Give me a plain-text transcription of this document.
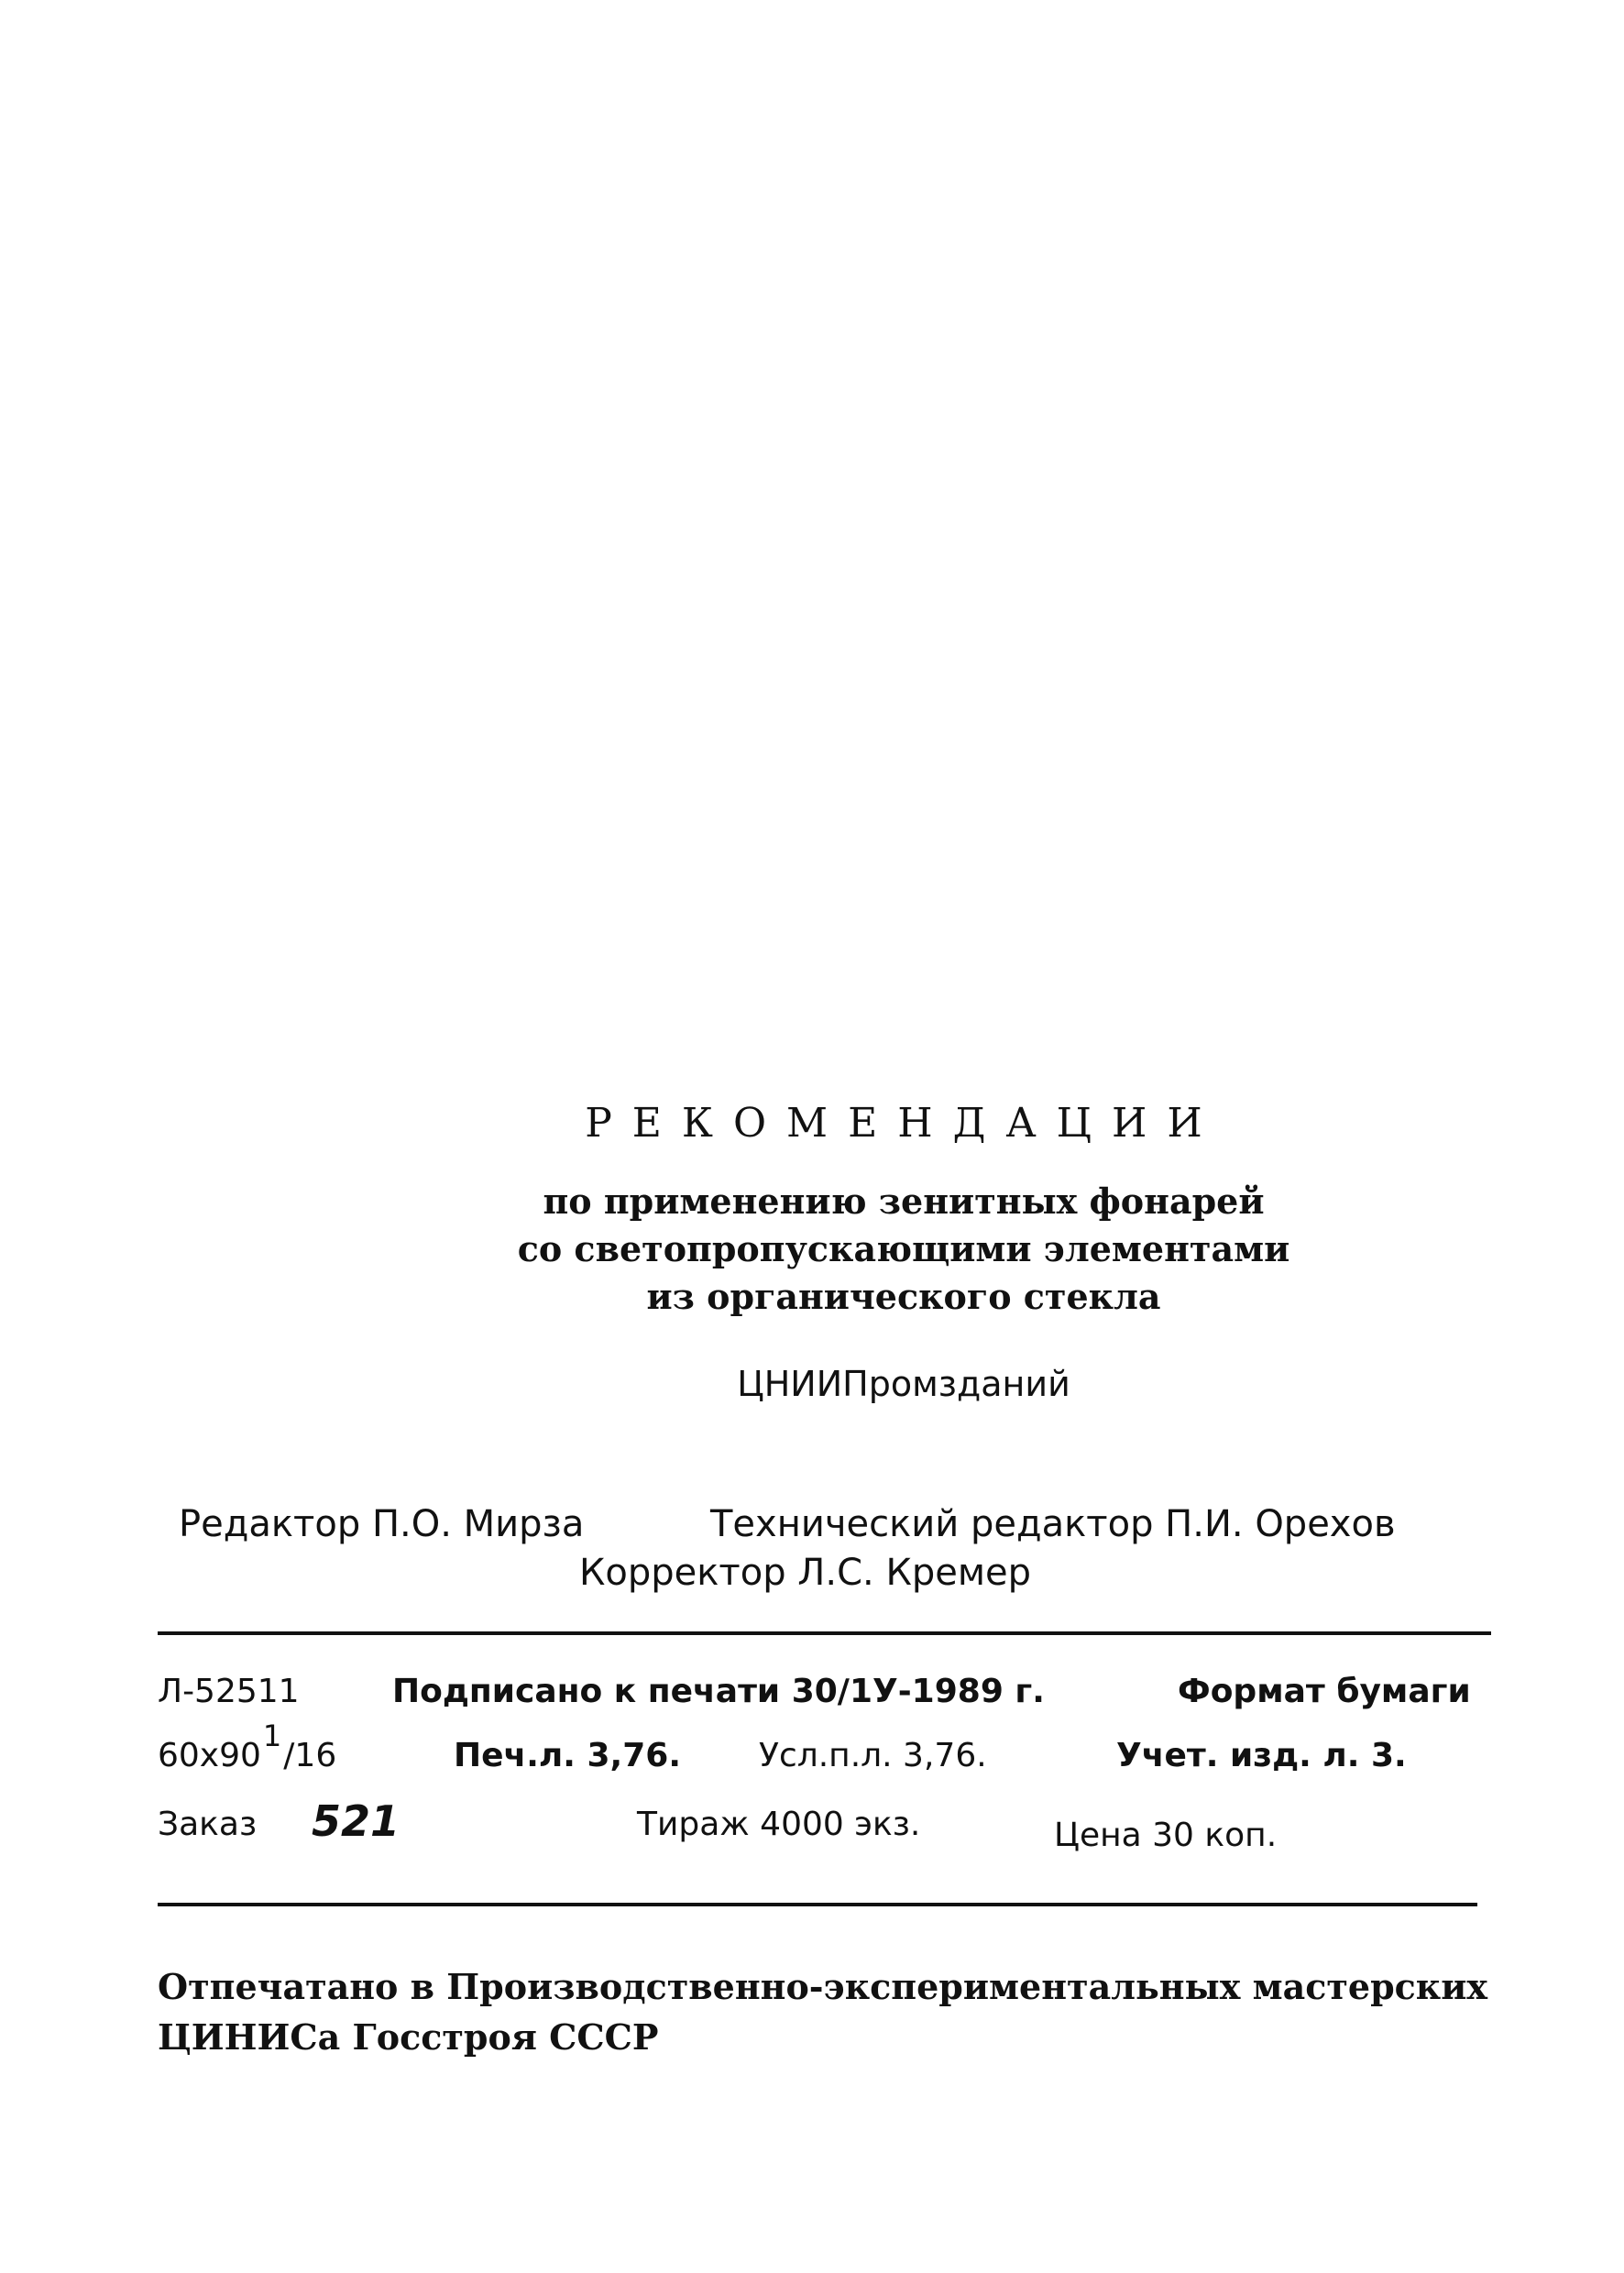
РЕКОМЕНДАЦИИ
по применению зенитных фонарей
со светопропускающими элементами
из органического стекла
ЦНИИПромзданий
Редактор П.О. Мирза	Технический редактор П.И. Орехов
Корректор Л.С. Кремер
Л-52511	Подписано к печати 30/1У-1989 г.	Формат бумаги
60х901/16	Печ.л. 3,76. Усл.п.л. 3,76.	Учет. изд. л. 3.
Заказ 521	Тираж 4000 экз.	Цена 30 коп.
Отпечатано в Производственно-экспериментальных мастерских
ЦИНИСа Госстроя СССР
